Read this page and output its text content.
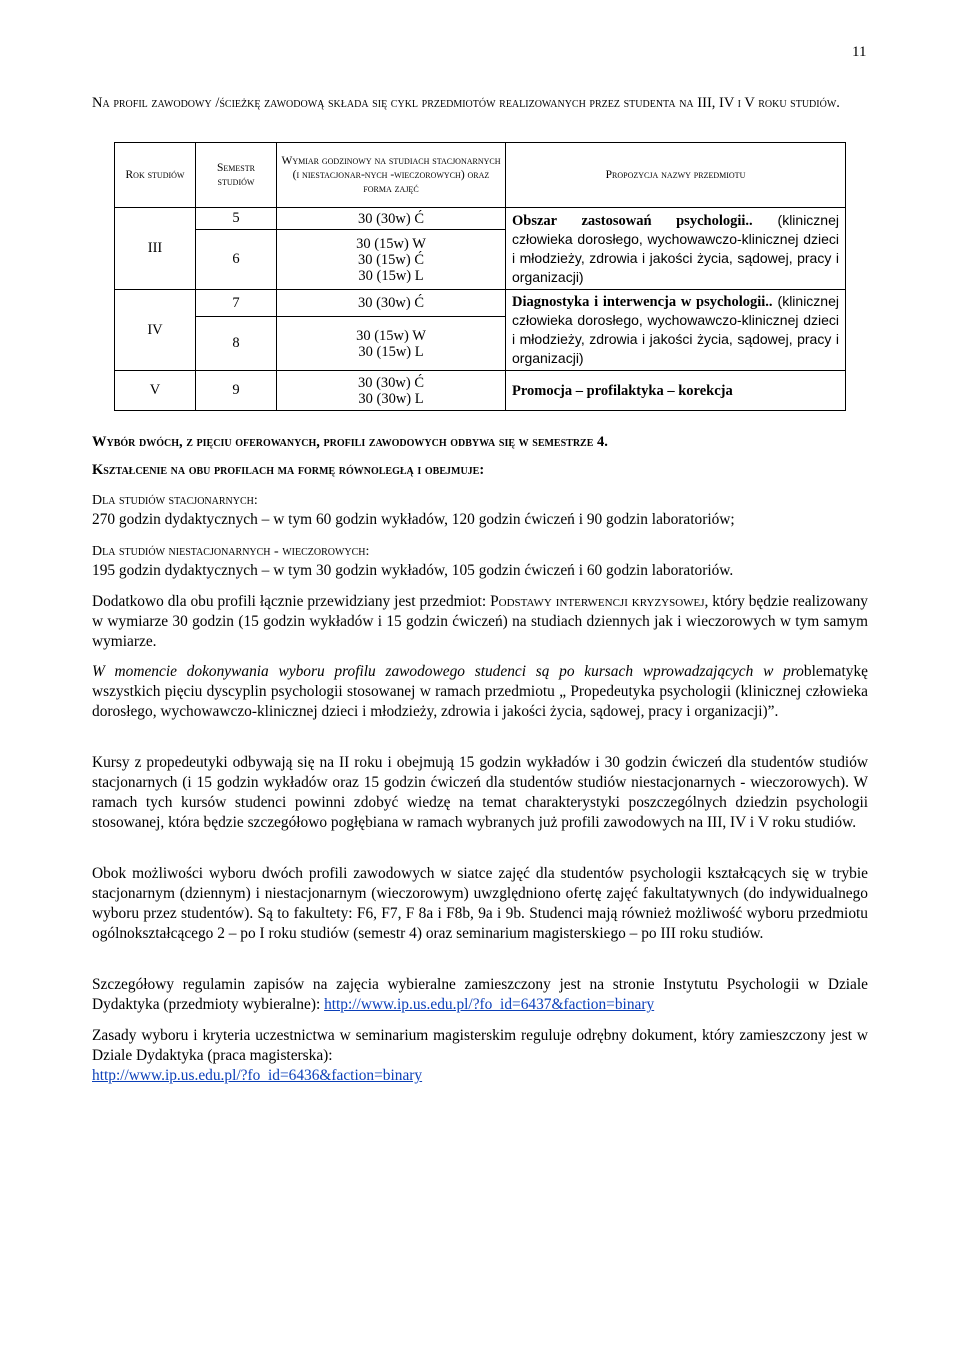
11
Na profil zawodowy /ścieżkę zawodową składa się cykl przedmiotów realizowanych przez studenta na III, IV i V roku studiów.
Rok studiów	Semestr studiów	Wymiar godzinowy na studiach stacjonarnych (i niestacjonar-nych -wieczorowych) oraz forma zajęć	Propozycja nazwy przedmiotu
III	5	30 (30w) Ć	Obszar zastosowań psychologii.. (klinicznej człowieka dorosłego, wychowawczo-klinicznej dzieci i młodzieży, zdrowia i jakości życia, sądowej, pracy i organizacji)
	6	30 (15w) W
30 (15w) Ć
30 (15w) L	

IV	7	30 (30w) Ć	Diagnostyka i interwencja w psychologii.. (klinicznej człowieka dorosłego, wychowawczo-klinicznej dzieci i młodzieży, zdrowia i jakości życia, sądowej, pracy i organizacji)
	8	30 (15w) W
30 (15w) L	

V	9	30 (30w) Ć
30 (30w) L	Promocja – profilaktyka – korekcja
Wybór dwóch, z pięciu oferowanych, profili zawodowych odbywa się w semestrze 4.
Kształcenie na obu profilach ma formę równoległą i obejmuje:
Dla studiów stacjonarnych:
270 godzin dydaktycznych – w tym 60 godzin wykładów, 120 godzin ćwiczeń i 90 godzin laboratoriów;
Dla studiów niestacjonarnych - wieczorowych:
195 godzin dydaktycznych – w tym 30 godzin wykładów, 105 godzin ćwiczeń i 60 godzin laboratoriów.
Dodatkowo dla obu profili łącznie przewidziany jest przedmiot: Podstawy interwencji kryzysowej, który będzie realizowany w wymiarze 30 godzin (15 godzin wykładów i 15 godzin ćwiczeń) na studiach dziennych jak i wieczorowych w tym samym wymiarze.
W momencie dokonywania wyboru profilu zawodowego studenci są po kursach wprowadzających w problematykę wszystkich pięciu dyscyplin psychologii stosowanej w ramach przedmiotu „ Propedeutyka psychologii (klinicznej człowieka dorosłego, wychowawczo-klinicznej dzieci i młodzieży, zdrowia i jakości życia, sądowej, pracy i organizacji)”.
Kursy z propedeutyki odbywają się na II roku i obejmują 15 godzin wykładów i 30 godzin ćwiczeń dla studentów studiów stacjonarnych (i 15 godzin wykładów oraz 15 godzin ćwiczeń dla studentów studiów niestacjonarnych - wieczorowych). W ramach tych kursów studenci powinni zdobyć wiedzę na temat charakterystyki poszczególnych dziedzin psychologii stosowanej, która będzie szczegółowo pogłębiana w ramach wybranych już profili zawodowych na III, IV i V roku studiów.
Obok możliwości wyboru dwóch profili zawodowych w siatce zajęć dla studentów psychologii kształcących się w trybie stacjonarnym (dziennym) i niestacjonarnym (wieczorowym) uwzględniono ofertę zajęć fakultatywnych (do indywidualnego wyboru przez studentów). Są to fakultety: F6, F7, F 8a i F8b, 9a i 9b. Studenci mają również możliwość wyboru przedmiotu ogólnokształcącego 2 – po I roku studiów (semestr 4) oraz seminarium magisterskiego – po III roku studiów.
Szczegółowy regulamin zapisów na zajęcia wybieralne zamieszczony jest na stronie Instytutu Psychologii w Dziale Dydaktyka (przedmioty wybieralne): http://www.ip.us.edu.pl/?fo_id=6437&faction=binary
Zasady wyboru i kryteria uczestnictwa w seminarium magisterskim reguluje odrębny dokument, który zamieszczony jest w Dziale Dydaktyka (praca magisterska):
http://www.ip.us.edu.pl/?fo_id=6436&faction=binary
